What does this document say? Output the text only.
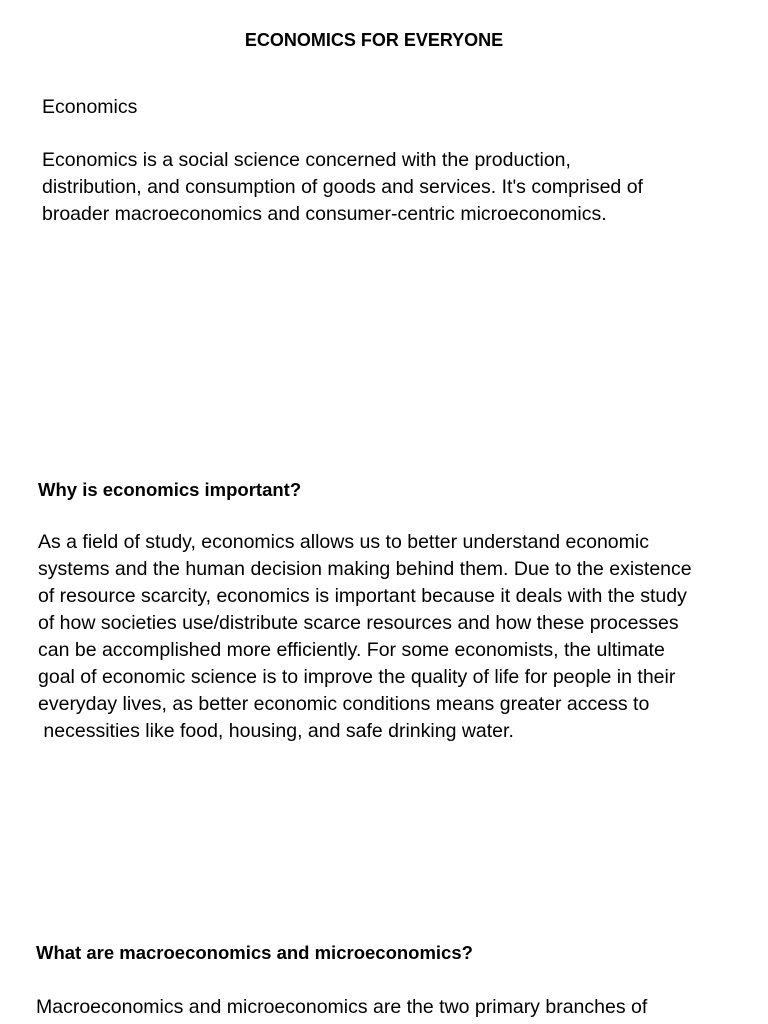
ECONOMICS FOR EVERYONE
Economics
Economics is a social science concerned with the production,
distribution, and consumption of goods and services. It's comprised of
broader macroeconomics and consumer-centric microeconomics.
Why is economics important?
As a field of study, economics allows us to better understand economic
systems and the human decision making behind them. Due to the existence
of resource scarcity, economics is important because it deals with the study
of how societies use/distribute scarce resources and how these processes
can be accomplished more efficiently. For some economists, the ultimate
goal of economic science is to improve the quality of life for people in their
everyday lives, as better economic conditions means greater access to
necessities like food, housing, and safe drinking water.
What are macroeconomics and microeconomics?
Macroeconomics and microeconomics are the two primary branches of
